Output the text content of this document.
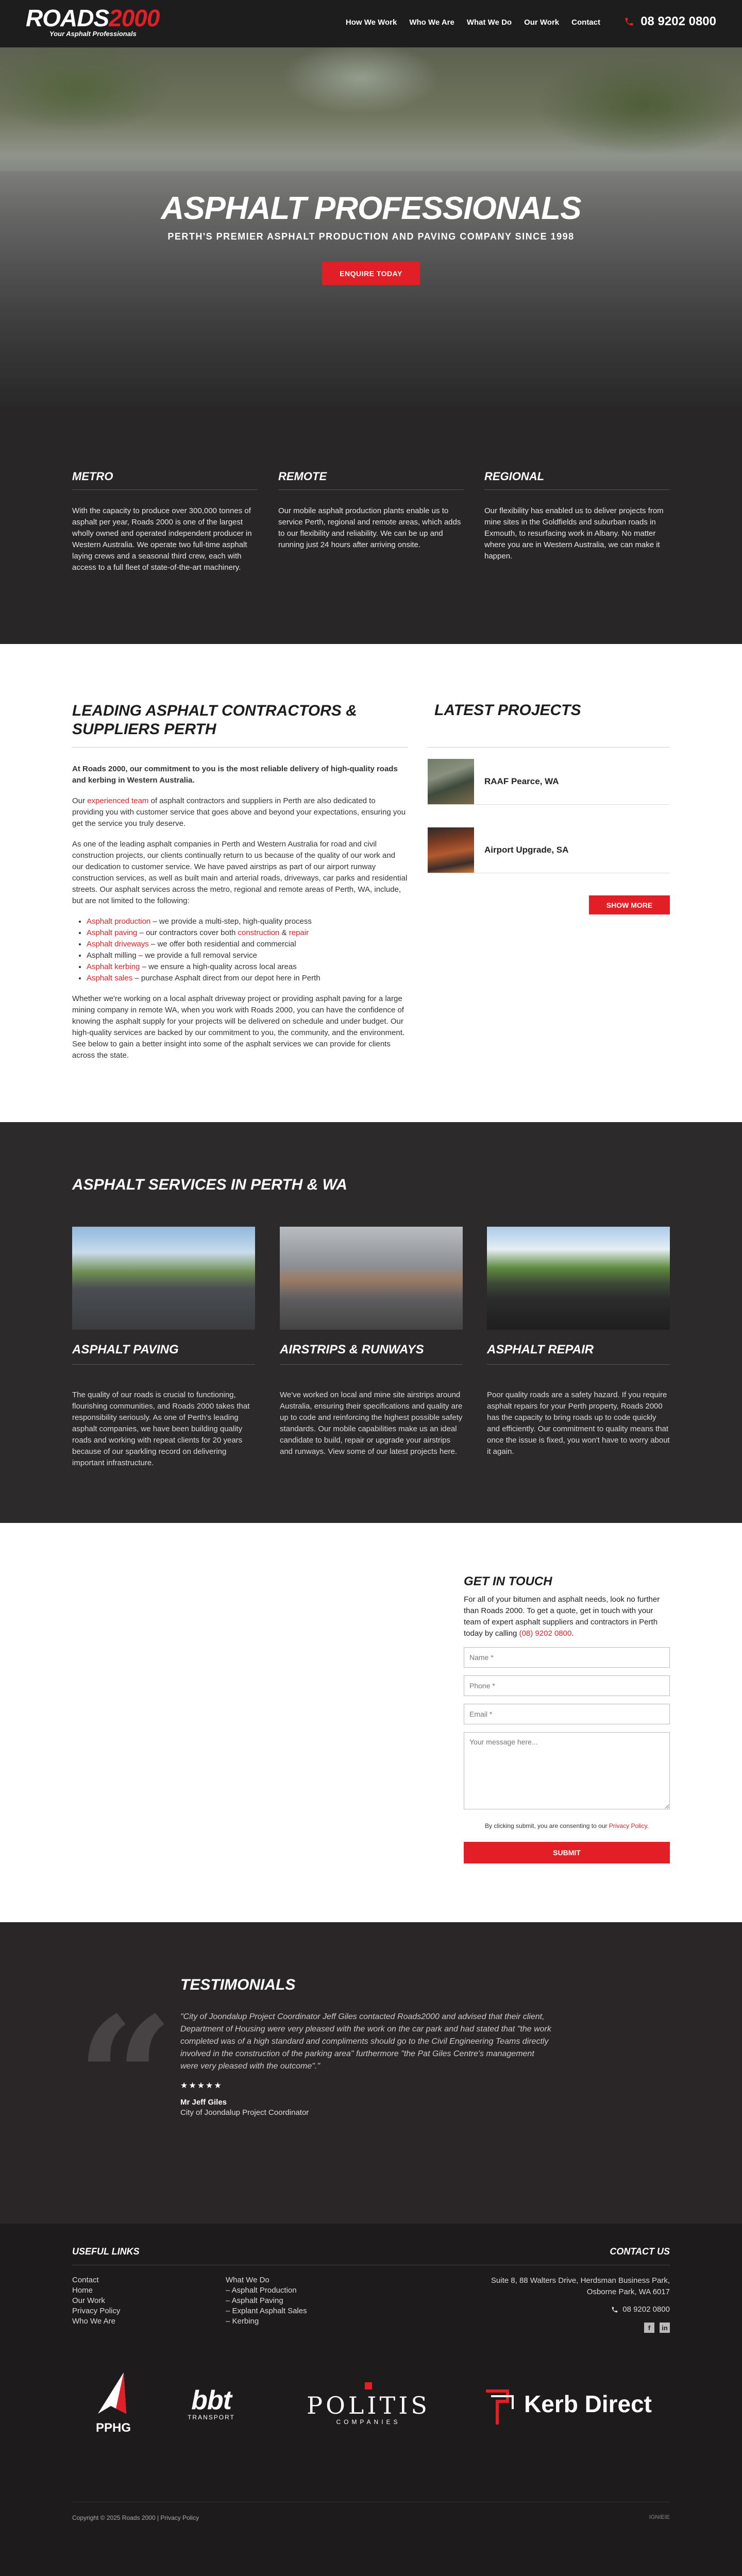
ROADS2000
Your Asphalt Professionals
How We Work Who We Are What We Do Our Work Contact	08 9202 0800
ASPHALT PROFESSIONALS
PERTH'S PREMIER ASPHALT PRODUCTION AND PAVING COMPANY SINCE 1998
ENQUIRE TODAY
METRO

With the capacity to produce over 300,000 tonnes of asphalt per year, Roads 2000 is one of the largest wholly owned and operated independent producer in Western Australia. We operate two full-time asphalt laying crews and a seasonal third crew, each with access to a full fleet of state-of-the-art machinery.

REMOTE

Our mobile asphalt production plants enable us to service Perth, regional and remote areas, which adds to our flexibility and reliability. We can be up and running just 24 hours after arriving onsite.

REGIONAL

Our flexibility has enabled us to deliver projects from mine sites in the Goldfields and suburban roads in Exmouth, to resurfacing work in Albany. No matter where you are in Western Australia, we can make it happen.

LEADING ASPHALT CONTRACTORS & SUPPLIERS PERTH

At Roads 2000, our commitment to you is the most reliable delivery of high-quality roads and kerbing in Western Australia.

Our experienced team of asphalt contractors and suppliers in Perth are also dedicated to providing you with customer service that goes above and beyond your expectations, ensuring you get the service you truly deserve.

As one of the leading asphalt companies in Perth and Western Australia for road and civil construction projects, our clients continually return to us because of the quality of our work and our dedication to customer service. We have paved airstrips as part of our airport runway construction services, as well as built main and arterial roads, driveways, car parks and residential streets. Our asphalt services across the metro, regional and remote areas of Perth, WA, include, but are not limited to the following:

• Asphalt production – we provide a multi-step, high-quality process
• Asphalt paving – our contractors cover both construction & repair
• Asphalt driveways – we offer both residential and commercial
• Asphalt milling – we provide a full removal service
• Asphalt kerbing – we ensure a high-quality across local areas
• Asphalt sales – purchase Asphalt direct from our depot here in Perth

Whether we're working on a local asphalt driveway project or providing asphalt paving for a large mining company in remote WA, when you work with Roads 2000, you can have the confidence of knowing the asphalt supply for your projects will be delivered on schedule and under budget. Our high-quality services are backed by our commitment to you, the community, and the environment. See below to gain a better insight into some of the asphalt services we can provide for clients across the state.

LATEST PROJECTS
RAAF Pearce, WA
Airport Upgrade, SA
SHOW MORE
ASPHALT SERVICES IN PERTH & WA
ASPHALT PAVING

The quality of our roads is crucial to functioning, flourishing communities, and Roads 2000 takes that responsibility seriously. As one of Perth's leading asphalt companies, we have been building quality roads and working with repeat clients for 20 years because of our sparkling record on delivering important infrastructure.

AIRSTRIPS & RUNWAYS

We've worked on local and mine site airstrips around Australia, ensuring their specifications and quality are up to code and reinforcing the highest possible safety standards. Our mobile capabilities make us an ideal candidate to build, repair or upgrade your airstrips and runways. View some of our latest projects here.

ASPHALT REPAIR

Poor quality roads are a safety hazard. If you require asphalt repairs for your Perth property, Roads 2000 has the capacity to bring roads up to code quickly and efficiently. Our commitment to quality means that once the issue is fixed, you won't have to worry about it again.

GET IN TOUCH

For all of your bitumen and asphalt needs, look no further than Roads 2000. To get a quote, get in touch with your team of expert asphalt suppliers and contractors in Perth today by calling (08) 9202 0800.

Name * Phone * Email * Your message here...
By clicking submit, you are consenting to our Privacy Policy.
SUBMIT
“ TESTIMONIALS
"City of Joondalup Project Coordinator Jeff Giles contacted Roads2000 and advised that their client, Department of Housing were very pleased with the work on the car park and had stated that "the work completed was of a high standard and compliments should go to the Civil Engineering Teams directly involved in the construction of the parking area" furthermore "the Pat Giles Centre's management were very pleased with the outcome"."
★★★★★
Mr Jeff Giles
City of Joondalup Project Coordinator
USEFUL LINKS	CONTACT US
Contact
Home
Our Work
Privacy Policy
Who We Are
What We Do
– Asphalt Production
– Asphalt Paving
– Explant Asphalt Sales
– Kerbing
Suite 8, 88 Walters Drive, Herdsman Business Park, Osborne Park, WA 6017
08 9202 0800
f	in
PPHG
bbt
TRANSPORT	POLITIS
COMPANIES
Kerb Direct
Copyright © 2025 Roads 2000 | Privacy Policy	IGNIEIE
